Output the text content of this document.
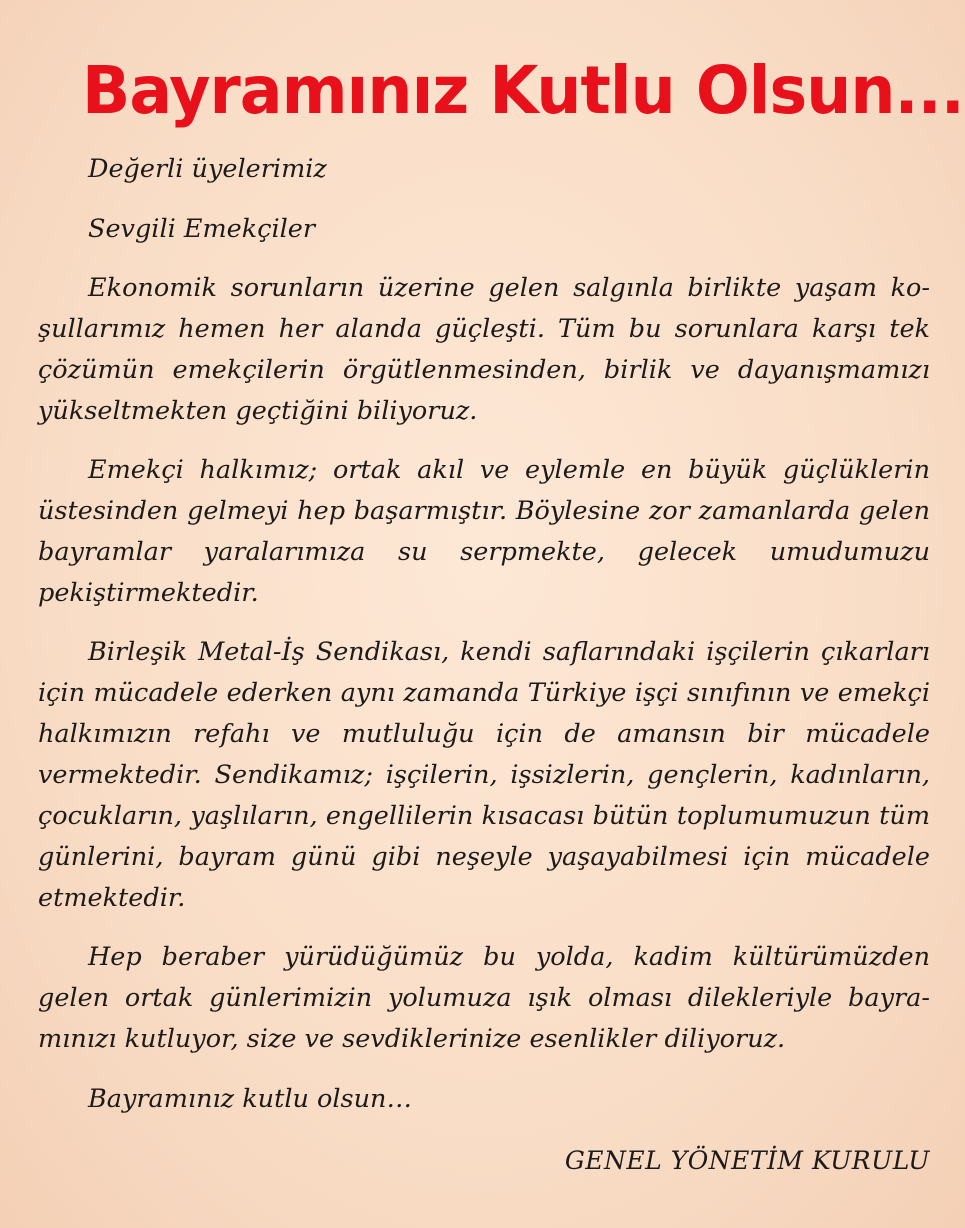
Bayramınız Kutlu Olsun...

Değerli üyelerimiz

Sevgili Emekçiler

Ekonomik sorunların üzerine gelen salgınla birlikte yaşam koşullarımız hemen her alanda güçleşti. Tüm bu sorunlara karşı tek çözümün emekçilerin örgütlenmesinden, birlik ve dayanışmamızı yükseltmekten geçtiğini biliyoruz.

Emekçi halkımız; ortak akıl ve eylemle en büyük güçlüklerin üstesinden gelmeyi hep başarmıştır. Böylesine zor zamanlarda gelen bayramlar yaralarımıza su serpmekte, gelecek umudumuzu pekiştirmektedir.

Birleşik Metal-İş Sendikası, kendi saflarındaki işçilerin çıkarları için mücadele ederken aynı zamanda Türkiye işçi sınıfının ve emekçi halkımızın refahı ve mutluluğu için de amansın bir mücadele vermektedir. Sendikamız; işçilerin, işsizlerin, gençlerin, kadınların, çocukların, yaşlıların, engellilerin kısacası bütün toplumumuzun tüm günlerini, bayram günü gibi neşeyle yaşayabilmesi için mücadele etmektedir.

Hep beraber yürüdüğümüz bu yolda, kadim kültürümüzden gelen ortak günlerimizin yolumuza ışık olması dilekleriyle bayramınızı kutluyor, size ve sevdiklerinize esenlikler diliyoruz.

Bayramınız kutlu olsun…

GENEL YÖNETİM KURULU
